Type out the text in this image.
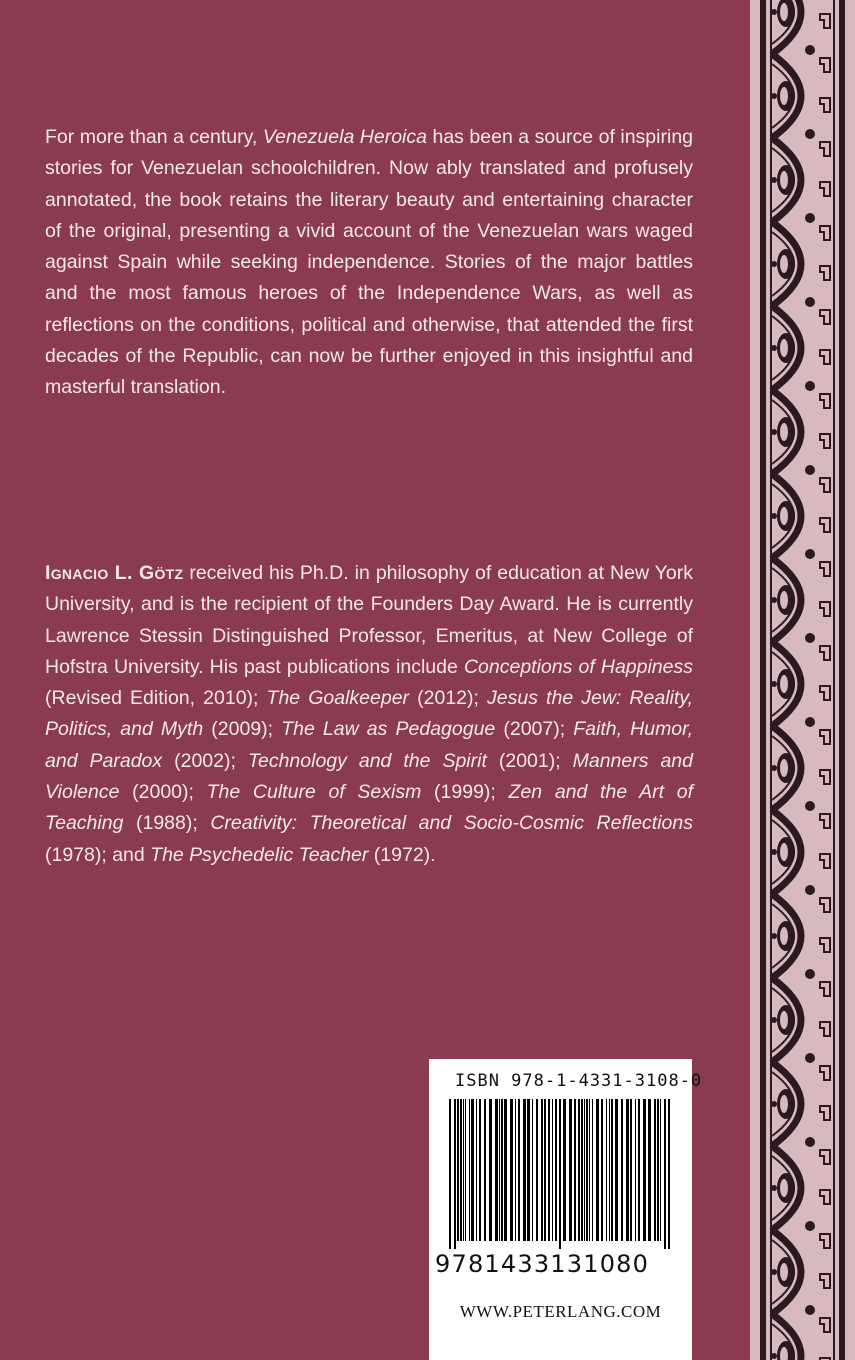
For more than a century, Venezuela Heroica has been a source of inspiring stories for Venezuelan schoolchildren. Now ably translated and profusely annotated, the book retains the literary beauty and entertaining character of the original, presenting a vivid account of the Venezuelan wars waged against Spain while seeking independence. Stories of the major battles and the most famous heroes of the Independence Wars, as well as reflections on the conditions, political and otherwise, that attended the first decades of the Republic, can now be further enjoyed in this insightful and masterful translation.

Ignacio L. Götz received his Ph.D. in philosophy of education at New York University, and is the recipient of the Founders Day Award. He is currently Lawrence Stessin Distinguished Professor, Emeritus, at New College of Hofstra University. His past publications include Conceptions of Happiness (Revised Edition, 2010); The Goalkeeper (2012); Jesus the Jew: Reality, Politics, and Myth (2009); The Law as Pedagogue (2007); Faith, Humor, and Paradox (2002); Technology and the Spirit (2001); Manners and Violence (2000); The Culture of Sexism (1999); Zen and the Art of Teaching (1988); Creativity: Theoretical and Socio-Cosmic Reflections (1978); and The Psychedelic Teacher (1972).

ISBN 978-1-4331-3108-0
9781433131080
WWW.PETERLANG.COM
